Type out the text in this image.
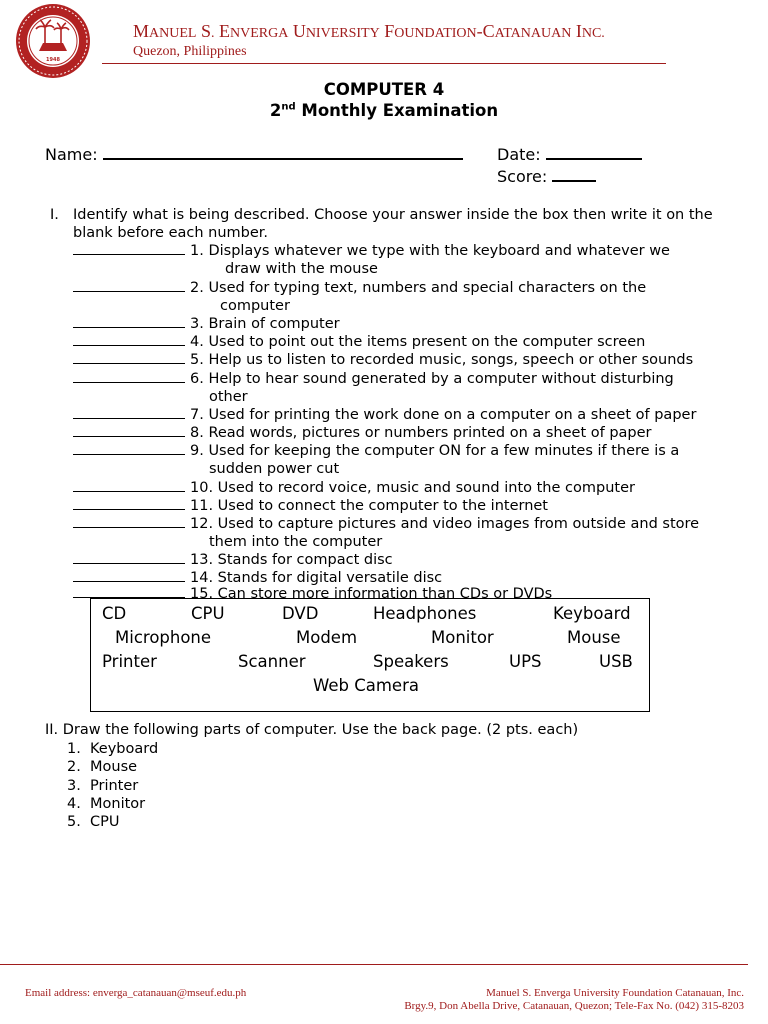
1948
MANUEL S. ENVERGA UNIVERSITY FOUNDATION-CATANAUAN INC.
Quezon, Philippines
COMPUTER 4
2nd Monthly Examination
Name:	Date:
Score:
I. Identify what is being described. Choose your answer inside the box then write it on the blank before each number.
1. Displays whatever we type with the keyboard and whatever we
draw with the mouse
2. Used for typing text, numbers and special characters on the
computer
3. Brain of computer
4. Used to point out the items present on the computer screen
5. Help us to listen to recorded music, songs, speech or other sounds
6. Help to hear sound generated by a computer without disturbing
other
7. Used for printing the work done on a computer on a sheet of paper
8. Read words, pictures or numbers printed on a sheet of paper
9. Used for keeping the computer ON for a few minutes if there is a
sudden power cut
10. Used to record voice, music and sound into the computer
11. Used to connect the computer to the internet
12. Used to capture pictures and video images from outside and store
them into the computer
13. Stands for compact disc
14. Stands for digital versatile disc
15. Can store more information than CDs or DVDs
CD	CPU	DVD	Headphones	Keyboard
Microphone	Modem	Monitor	Mouse
Printer	Scanner	Speakers	UPS	USB
Web Camera
II. Draw the following parts of computer. Use the back page. (2 pts. each)
1. Keyboard
2. Mouse
3. Printer
4. Monitor
5. CPU
Email address: enverga_catanauan@mseuf.edu.ph	Manuel S. Enverga University Foundation Catanauan, Inc.
Brgy.9, Don Abella Drive, Catanauan, Quezon; Tele-Fax No. (042) 315-8203
